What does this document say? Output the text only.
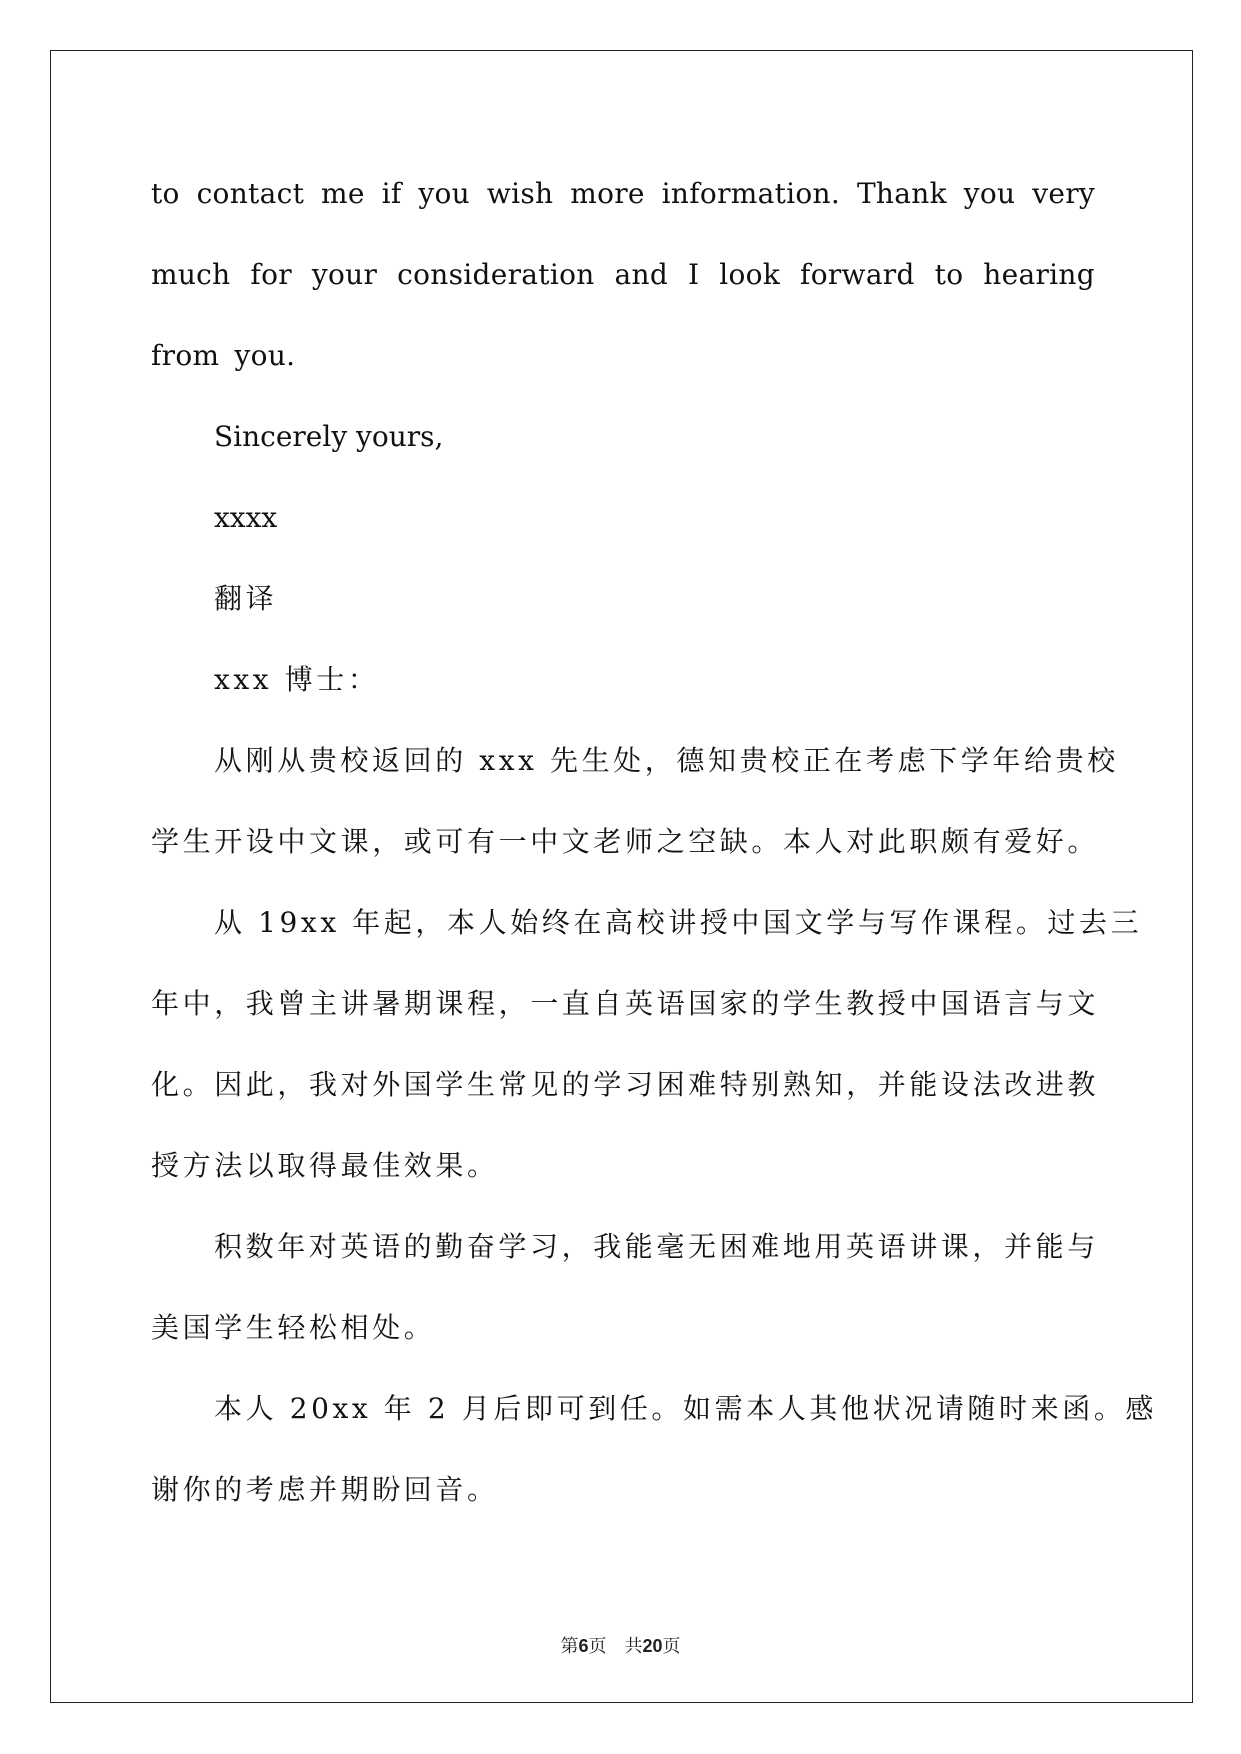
to contact me if you wish more information. Thank you very
much for your consideration and I look forward to hearing
from you.
Sincerely yours,
xxxx
翻译
xxx 博士：
从刚从贵校返回的 xxx 先生处，德知贵校正在考虑下学年给贵校
学生开设中文课，或可有一中文老师之空缺。本人对此职颇有爱好。
从 19xx 年起，本人始终在高校讲授中国文学与写作课程。过去三
年中，我曾主讲暑期课程，一直自英语国家的学生教授中国语言与文
化。因此，我对外国学生常见的学习困难特别熟知，并能设法改进教
授方法以取得最佳效果。
积数年对英语的勤奋学习，我能毫无困难地用英语讲课，并能与
美国学生轻松相处。
本人 20xx 年 2 月后即可到任。如需本人其他状况请随时来函。感
谢你的考虑并期盼回音。
第6页 共20页
